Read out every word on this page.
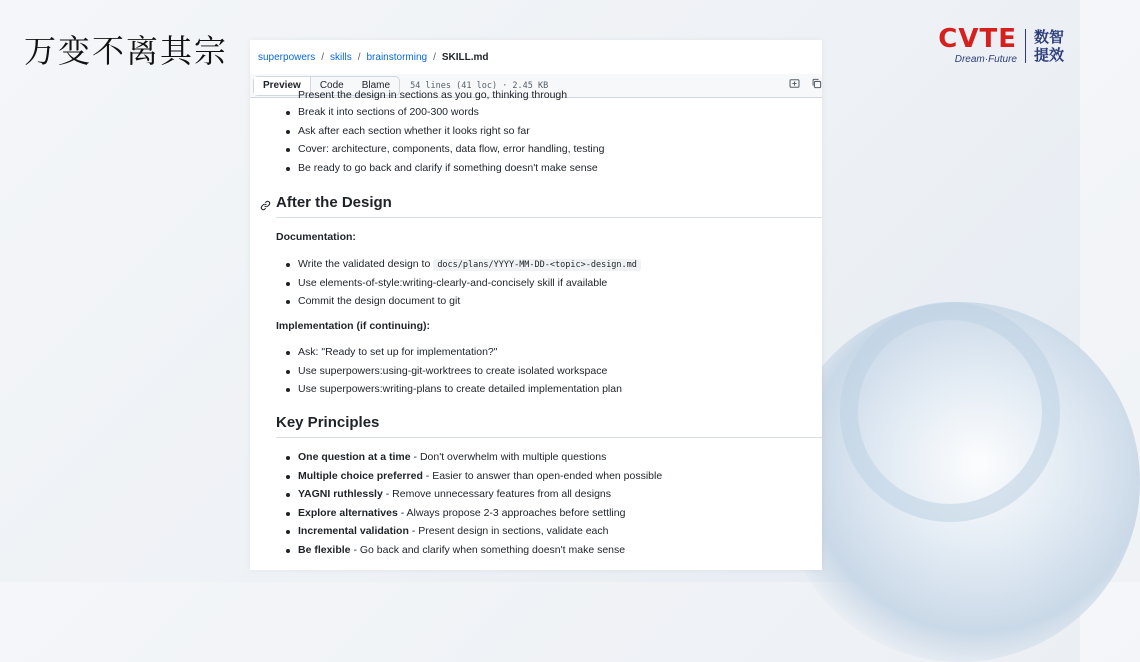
万变不离其宗	CVTE
Dream·Future
数智
提效
superpowers / skills / brainstorming / SKILL.md
Preview	Code	Blame	54 lines (41 loc) · 2.45 KB
Present the design in sections as you go, thinking through
Break it into sections of 200-300 words
Ask after each section whether it looks right so far
Cover: architecture, components, data flow, error handling, testing
Be ready to go back and clarify if something doesn't make sense
After the Design
Documentation:
Write the validated design to docs/plans/YYYY-MM-DD-<topic>-design.md
Use elements-of-style:writing-clearly-and-concisely skill if available
Commit the design document to git
Implementation (if continuing):
Ask: "Ready to set up for implementation?"
Use superpowers:using-git-worktrees to create isolated workspace
Use superpowers:writing-plans to create detailed implementation plan
Key Principles
One question at a time - Don't overwhelm with multiple questions
Multiple choice preferred - Easier to answer than open-ended when possible
YAGNI ruthlessly - Remove unnecessary features from all designs
Explore alternatives - Always propose 2-3 approaches before settling
Incremental validation - Present design in sections, validate each
Be flexible - Go back and clarify when something doesn't make sense
